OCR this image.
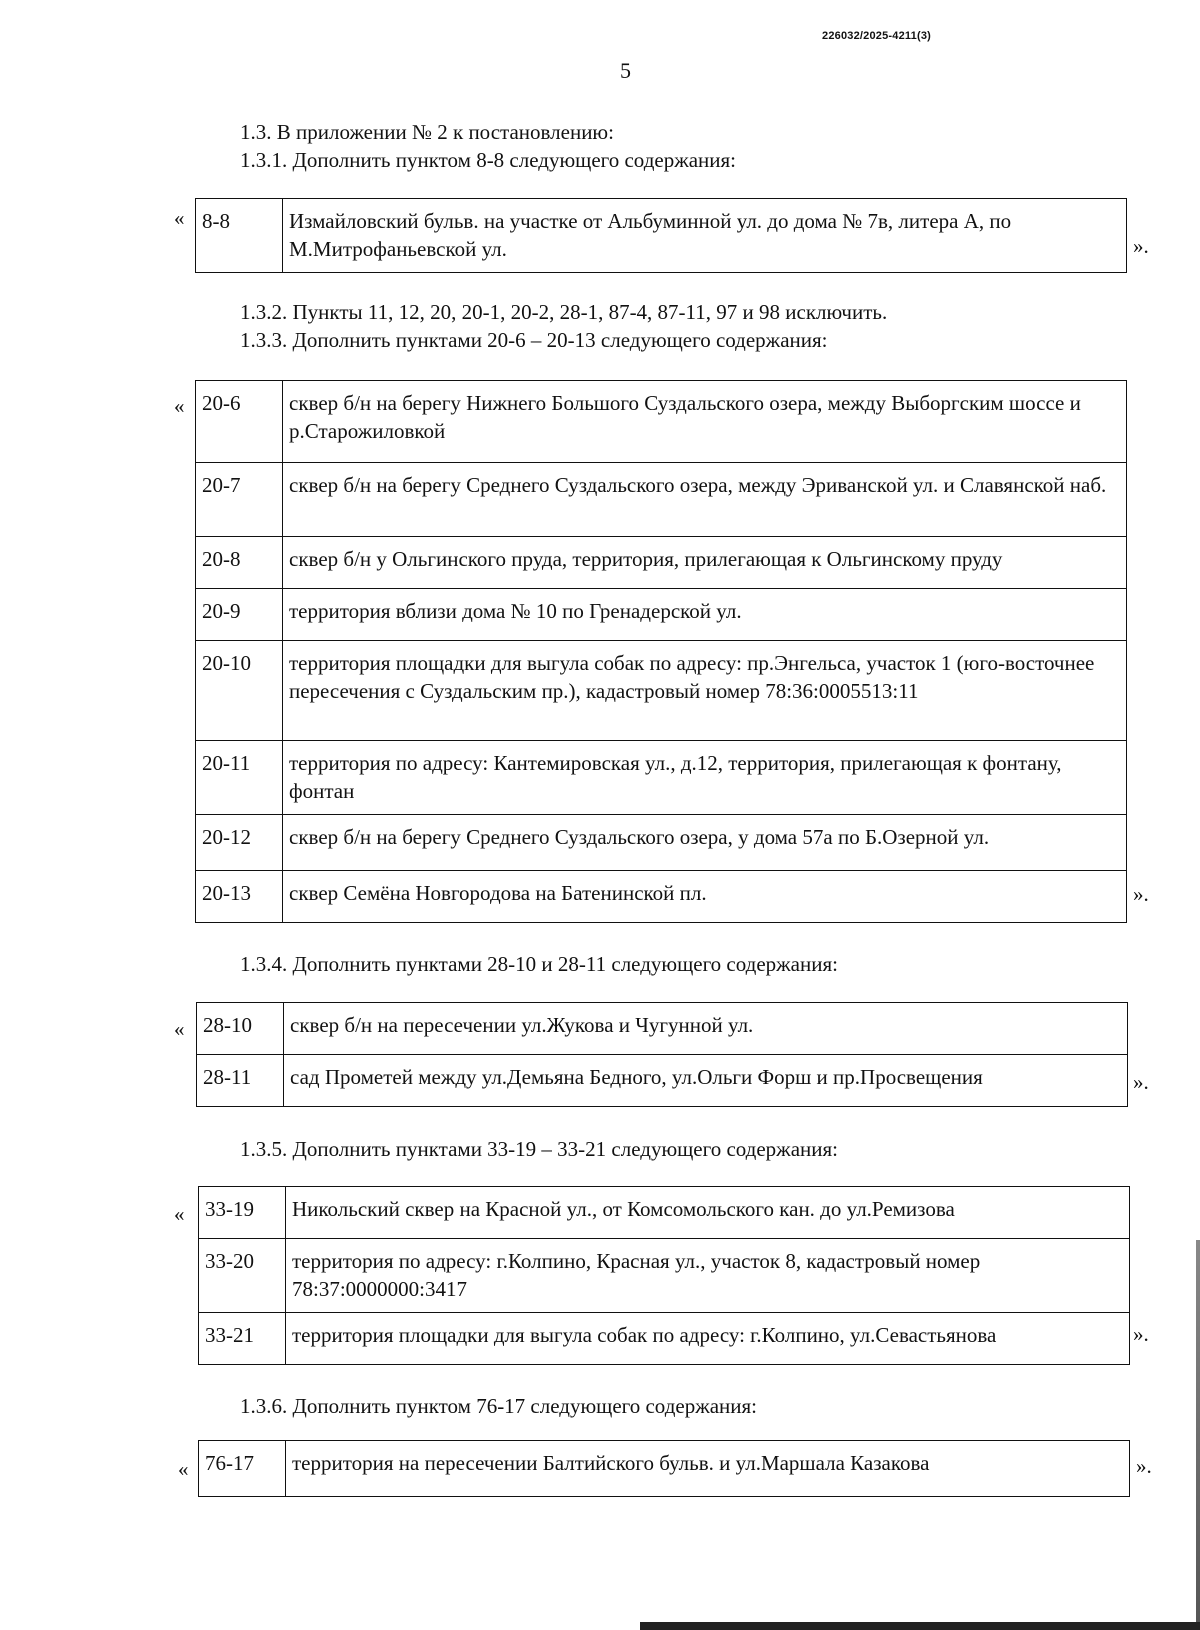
226032/2025-4211(3)
5
1.3. В приложении № 2 к постановлению:
1.3.1. Дополнить пунктом 8-8 следующего содержания:
« 8-8	Измайловский бульв. на участке от Альбуминной ул. до дома № 7в, литера А, по М.Митрофаньевской ул.	».
1.3.2. Пункты 11, 12, 20, 20-1, 20-2, 28-1, 87-4, 87-11, 97 и 98 исключить.
1.3.3. Дополнить пунктами 20-6 – 20-13 следующего содержания:
« 20-6	сквер б/н на берегу Нижнего Большого Суздальского озера, между Выборгским шоссе и р.Старожиловкой
20-7	сквер б/н на берегу Среднего Суздальского озера, между Эриванской ул. и Славянской наб.
20-8	сквер б/н у Ольгинского пруда, территория, прилегающая к Ольгинскому пруду
20-9	территория вблизи дома № 10 по Гренадерской ул.
20-10	территория площадки для выгула собак по адресу: пр.Энгельса, участок 1 (юго-восточнее пересечения с Суздальским пр.), кадастровый номер 78:36:0005513:11
20-11	территория по адресу: Кантемировская ул., д.12, территория, прилегающая к фонтану, фонтан
20-12	сквер б/н на берегу Среднего Суздальского озера, у дома 57а по Б.Озерной ул.
20-13	сквер Семёна Новгородова на Батенинской пл.	».
1.3.4. Дополнить пунктами 28-10 и 28-11 следующего содержания:
« 28-10	сквер б/н на пересечении ул.Жукова и Чугунной ул.
28-11	сад Прометей между ул.Демьяна Бедного, ул.Ольги Форш и пр.Просвещения	».
1.3.5. Дополнить пунктами 33-19 – 33-21 следующего содержания:
« 33-19	Никольский сквер на Красной ул., от Комсомольского кан. до ул.Ремизова
33-20	территория по адресу: г.Колпино, Красная ул., участок 8, кадастровый номер 78:37:0000000:3417
33-21	территория площадки для выгула собак по адресу: г.Колпино, ул.Севастьянова	».
1.3.6. Дополнить пунктом 76-17 следующего содержания:
« 76-17	территория на пересечении Балтийского бульв. и ул.Маршала Казакова	».
